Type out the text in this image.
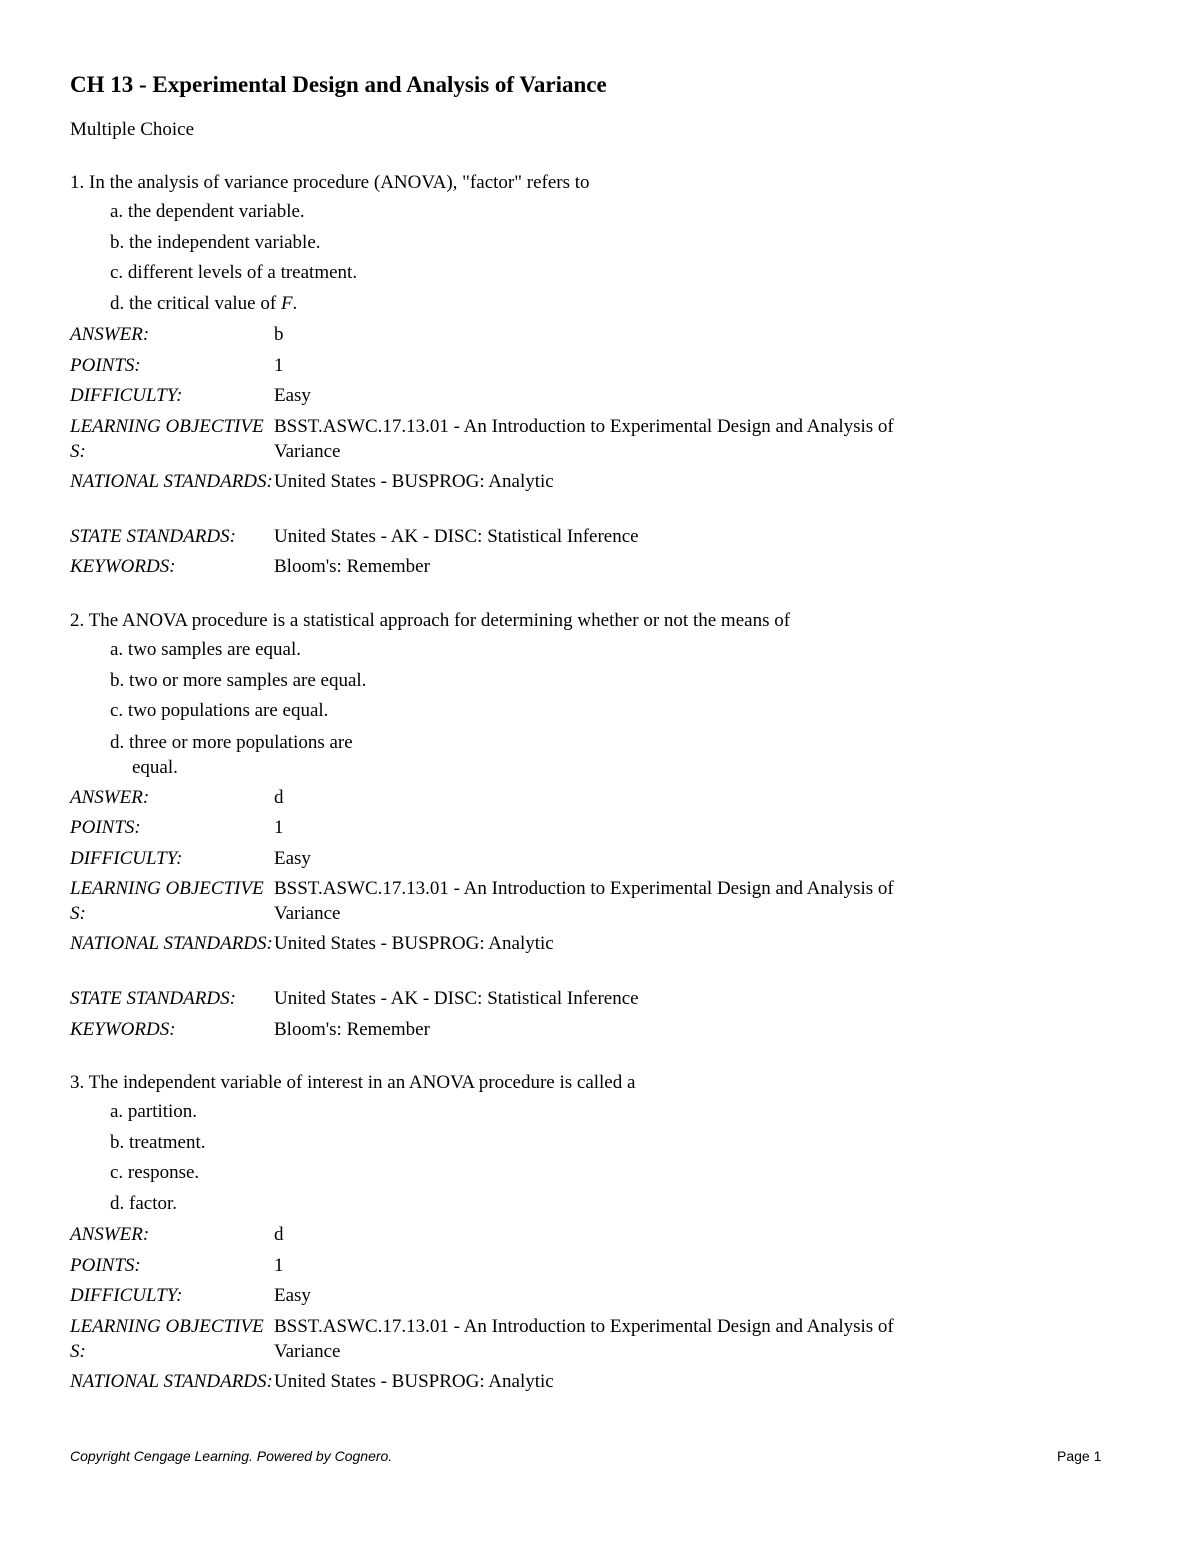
CH 13 - Experimental Design and Analysis of Variance
Multiple Choice
1. In the analysis of variance procedure (ANOVA), "factor" refers to
a. the dependent variable.
b. the independent variable.
c. different levels of a treatment.
d. the critical value of F.
ANSWER:	b
POINTS:	1
DIFFICULTY:	Easy
LEARNING OBJECTIVES:
BSST.ASWC.17.13.01 - An Introduction to Experimental Design and Analysis of Variance
NATIONAL STANDARDS: United States - BUSPROG: Analytic
STATE STANDARDS:	United States - AK - DISC: Statistical Inference
KEYWORDS:	Bloom's: Remember
2. The ANOVA procedure is a statistical approach for determining whether or not the means of
a. two samples are equal.
b. two or more samples are equal.
c. two populations are equal.
d. three or more populations are
equal.
ANSWER:	d
POINTS:	1
DIFFICULTY:	Easy
LEARNING OBJECTIVES:
BSST.ASWC.17.13.01 - An Introduction to Experimental Design and Analysis of Variance
NATIONAL STANDARDS: United States - BUSPROG: Analytic
STATE STANDARDS:	United States - AK - DISC: Statistical Inference
KEYWORDS:	Bloom's: Remember
3. The independent variable of interest in an ANOVA procedure is called a
a. partition.
b. treatment.
c. response.
d. factor.
ANSWER:	d
POINTS:	1
DIFFICULTY:	Easy
LEARNING OBJECTIVES:
BSST.ASWC.17.13.01 - An Introduction to Experimental Design and Analysis of Variance
NATIONAL STANDARDS: United States - BUSPROG: Analytic
Copyright Cengage Learning. Powered by Cognero.	Page 1
